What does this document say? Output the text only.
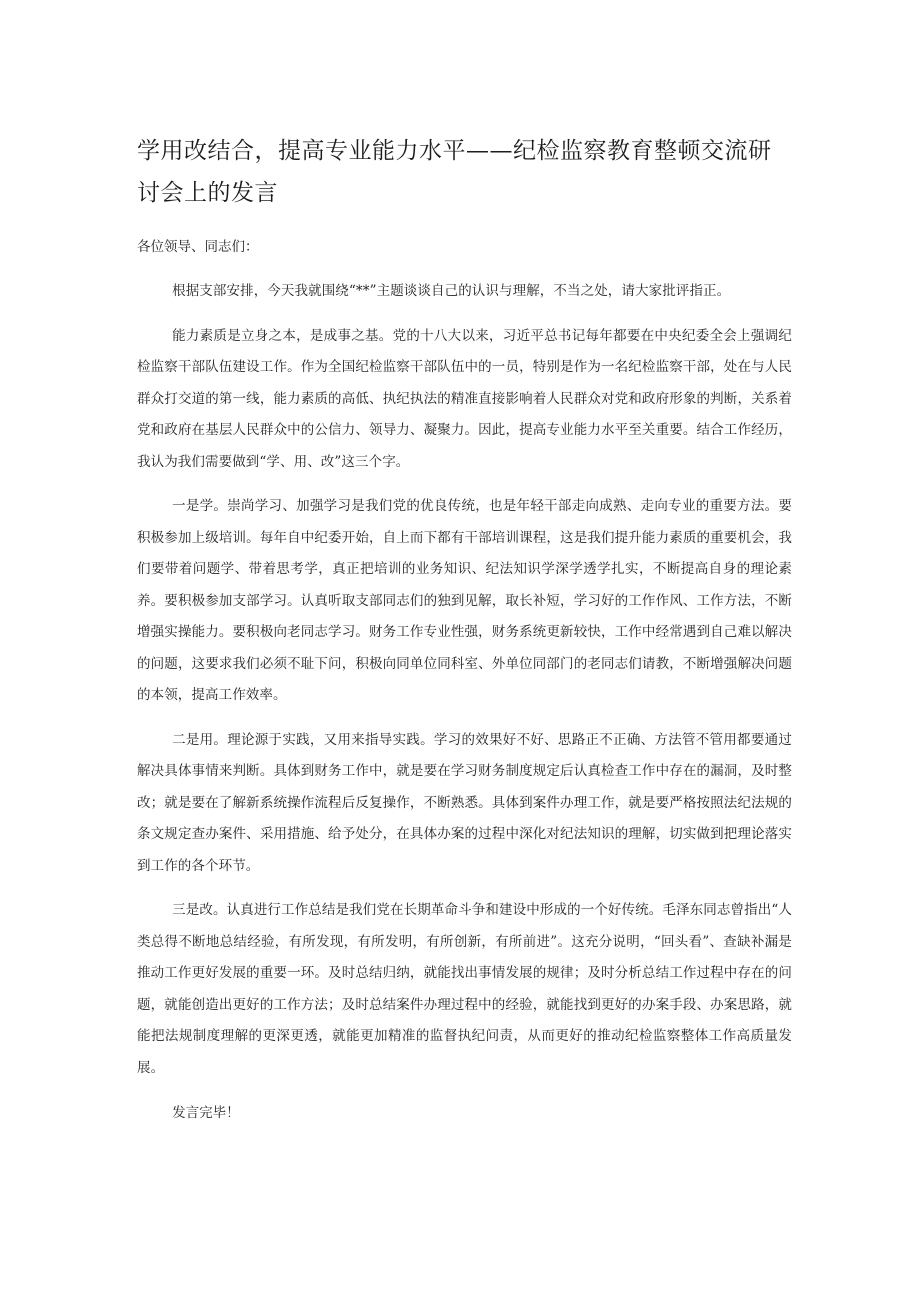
学用改结合，提高专业能力水平——纪检监察教育整顿交流研讨会上的发言

各位领导、同志们：

根据支部安排，今天我就围绕“**”主题谈谈自己的认识与理解，不当之处，请大家批评指正。

能力素质是立身之本，是成事之基。党的十八大以来，习近平总书记每年都要在中央纪委全会上强调纪检监察干部队伍建设工作。作为全国纪检监察干部队伍中的一员，特别是作为一名纪检监察干部，处在与人民群众打交道的第一线，能力素质的高低、执纪执法的精准直接影响着人民群众对党和政府形象的判断，关系着党和政府在基层人民群众中的公信力、领导力、凝聚力。因此，提高专业能力水平至关重要。结合工作经历，我认为我们需要做到“学、用、改”这三个字。

一是学。崇尚学习、加强学习是我们党的优良传统，也是年轻干部走向成熟、走向专业的重要方法。要积极参加上级培训。每年自中纪委开始，自上而下都有干部培训课程，这是我们提升能力素质的重要机会，我们要带着问题学、带着思考学，真正把培训的业务知识、纪法知识学深学透学扎实，不断提高自身的理论素养。要积极参加支部学习。认真听取支部同志们的独到见解，取长补短，学习好的工作作风、工作方法，不断增强实操能力。要积极向老同志学习。财务工作专业性强，财务系统更新较快，工作中经常遇到自己难以解决的问题，这要求我们必须不耻下问，积极向同单位同科室、外单位同部门的老同志们请教，不断增强解决问题的本领，提高工作效率。

二是用。理论源于实践，又用来指导实践。学习的效果好不好、思路正不正确、方法管不管用都要通过解决具体事情来判断。具体到财务工作中，就是要在学习财务制度规定后认真检查工作中存在的漏洞，及时整改；就是要在了解新系统操作流程后反复操作，不断熟悉。具体到案件办理工作，就是要严格按照法纪法规的条文规定查办案件、采用措施、给予处分，在具体办案的过程中深化对纪法知识的理解，切实做到把理论落实到工作的各个环节。

三是改。认真进行工作总结是我们党在长期革命斗争和建设中形成的一个好传统。毛泽东同志曾指出“人类总得不断地总结经验，有所发现，有所发明，有所创新，有所前进”。这充分说明，“回头看”、查缺补漏是推动工作更好发展的重要一环。及时总结归纳，就能找出事情发展的规律；及时分析总结工作过程中存在的问题，就能创造出更好的工作方法；及时总结案件办理过程中的经验，就能找到更好的办案手段、办案思路，就能把法规制度理解的更深更透，就能更加精准的监督执纪问责，从而更好的推动纪检监察整体工作高质量发展。

发言完毕！
